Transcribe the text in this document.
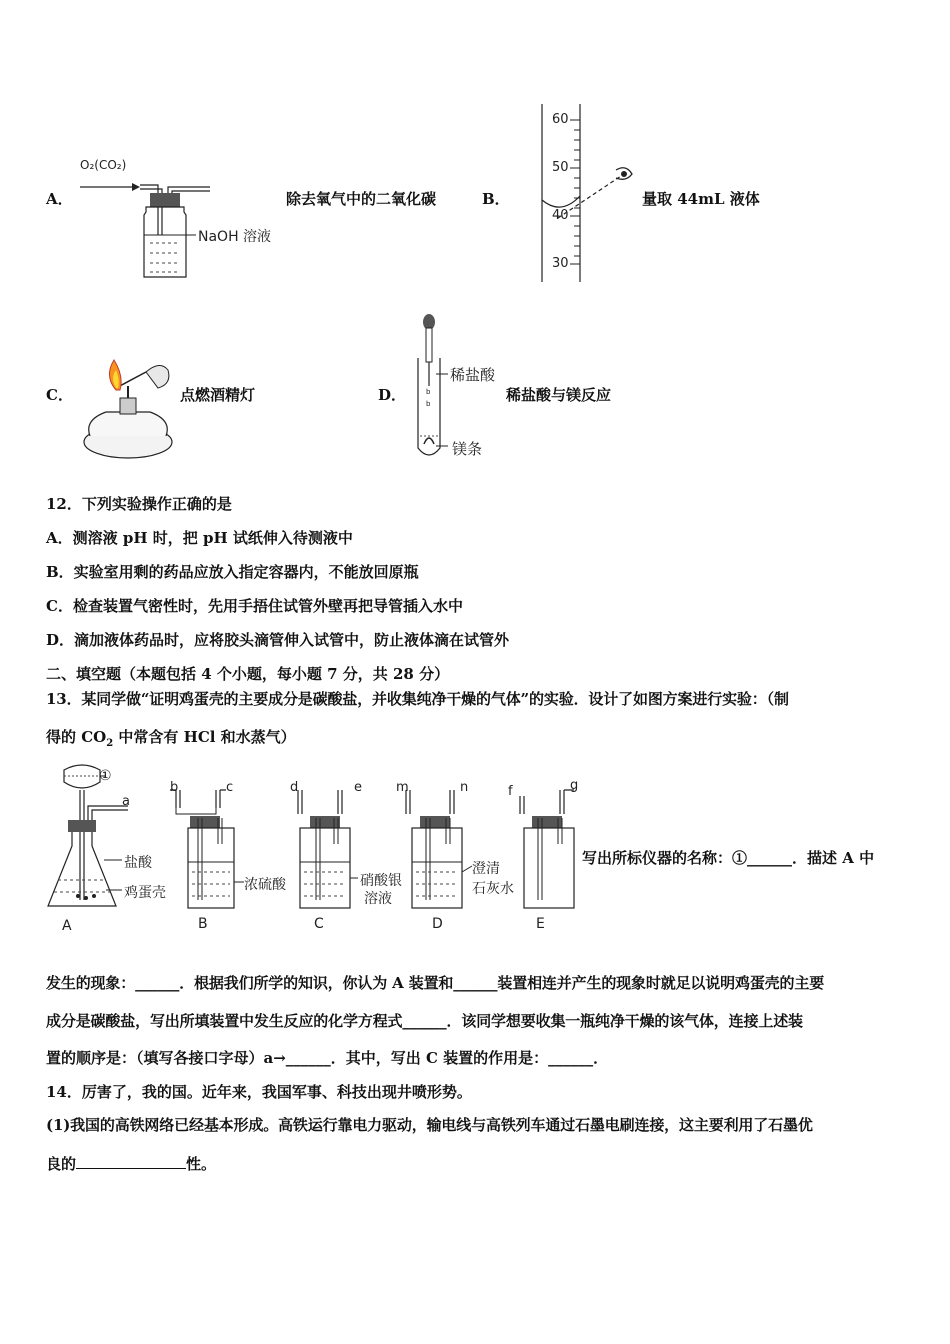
A．
O₂(CO₂)
NaOH 溶液
除去氧气中的二氧化碳	B．
60
50
40
30
量取 44mL 液体
C．	点燃酒精灯	D．	b
b
稀盐酸
镁条
稀盐酸与镁反应
12．下列实验操作正确的是
A．测溶液 pH 时，把 pH 试纸伸入待测液中
B．实验室用剩的药品应放入指定容器内，不能放回原瓶
C．检查装置气密性时，先用手捂住试管外壁再把导管插入水中
D．滴加液体药品时，应将胶头滴管伸入试管中，防止液体滴在试管外
二、填空题（本题包括 4 个小题，每小题 7 分，共 28 分）
13．某同学做“证明鸡蛋壳的主要成分是碳酸盐，并收集纯净干燥的气体”的实验．设计了如图方案进行实验：（制
得的 $CO_2$ 中常含有 HCl 和水蒸气）
①
a
b	c	d	e	m	n	f	g
盐酸
鸡蛋壳	浓硫酸	硝酸银
溶液
澄清
石灰水
A	B	C	D	E
写出所标仪器的名称：①______．描述 A 中
发生的现象：______．根据我们所学的知识，你认为 A 装置和______装置相连并产生的现象时就足以说明鸡蛋壳的主要
成分是碳酸盐，写出所填装置中发生反应的化学方程式______．该同学想要收集一瓶纯净干燥的该气体，连接上述装
置的顺序是：（填写各接口字母）a→______．其中，写出 C 装置的作用是：______．
14．厉害了，我的国。近年来，我国军事、科技出现井喷形势。
(1)我国的高铁网络已经基本形成。高铁运行靠电力驱动，输电线与高铁列车通过石墨电刷连接，这主要利用了石墨优
良的	性。
